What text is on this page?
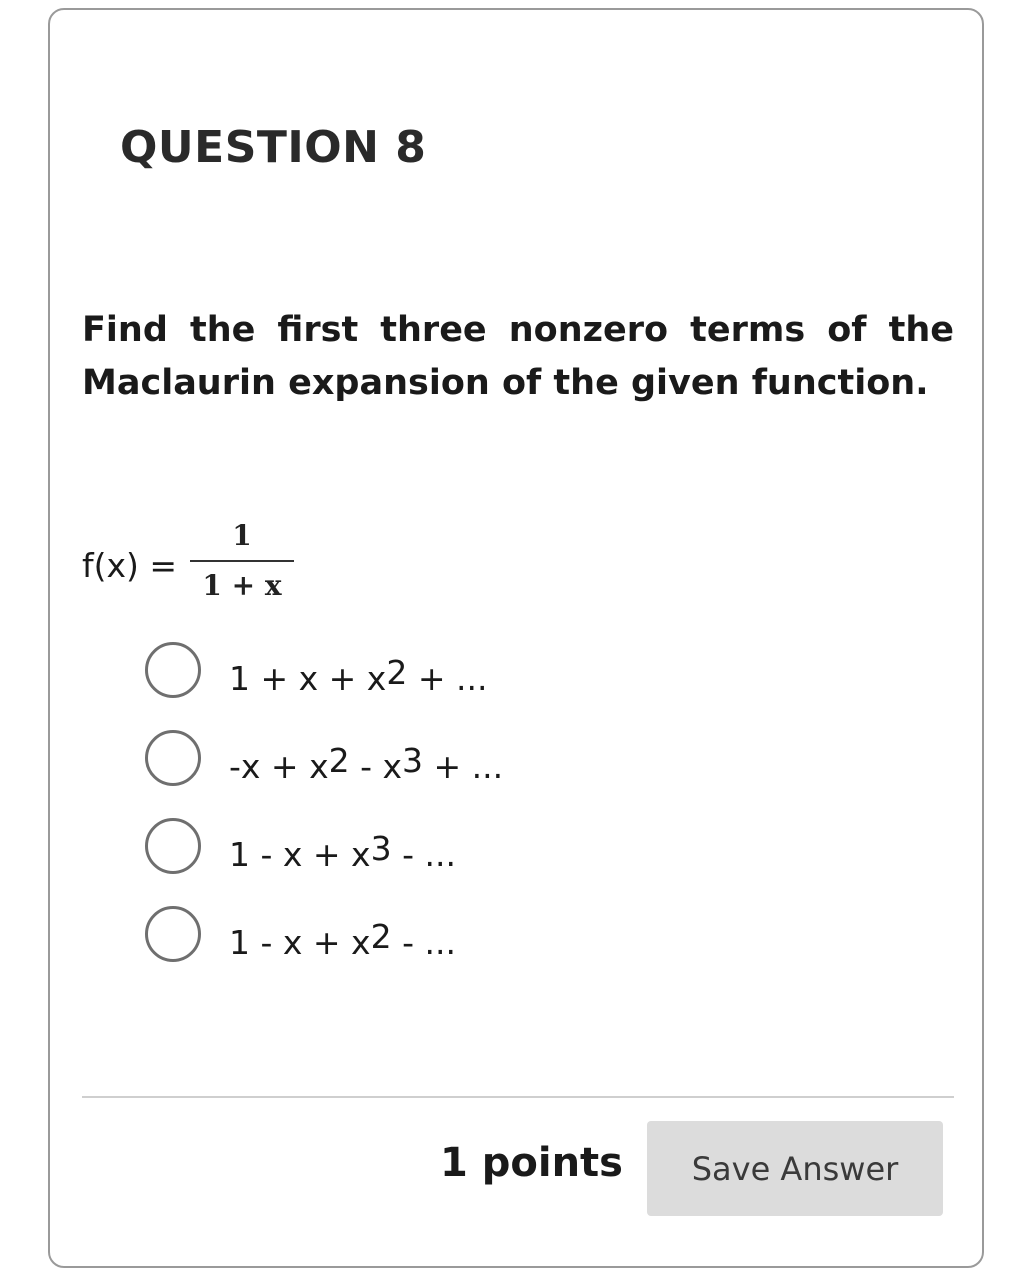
QUESTION 8
Find the first three nonzero terms of the Maclaurin expansion of the given function.
f(x) =
1
1 + x
$1 + x + x^2$ + ...
$-x + x^2 - x^3$ + ...
$1 - x + x^3$ - ...
$1 - x + x^2$ - ...
1 points	Save Answer
